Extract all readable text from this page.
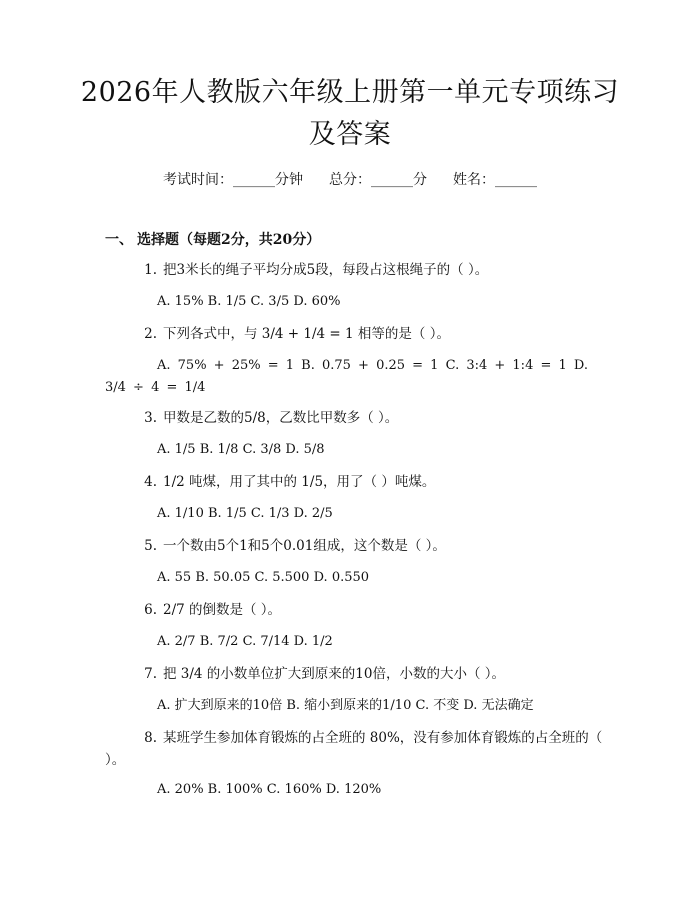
2026年人教版六年级上册第一单元专项练习
及答案
考试时间：______分钟 总分：______分 姓名：______
一、 选择题（每题2分，共20分）
1. 把3米长的绳子平均分成5段，每段占这根绳子的（ ）。
A. 15% B. 1/5 C. 3/5 D. 60%
2. 下列各式中，与 3/4 + 1/4 = 1 相等的是（ ）。
A. 75% + 25% = 1 B. 0.75 + 0.25 = 1 C. 3:4 + 1:4 = 1 D. 3/4 ÷ 4 = 1/4
3. 甲数是乙数的5/8，乙数比甲数多（ ）。
A. 1/5 B. 1/8 C. 3/8 D. 5/8
4. 1/2 吨煤，用了其中的 1/5，用了（ ）吨煤。
A. 1/10 B. 1/5 C. 1/3 D. 2/5
5. 一个数由5个1和5个0.01组成，这个数是（ ）。
A. 55 B. 50.05 C. 5.500 D. 0.550
6. 2/7 的倒数是（ ）。
A. 2/7 B. 7/2 C. 7/14 D. 1/2
7. 把 3/4 的小数单位扩大到原来的10倍，小数的大小（ ）。
A. 扩大到原来的10倍 B. 缩小到原来的1/10 C. 不变 D. 无法确定
8. 某班学生参加体育锻炼的占全班的 80%，没有参加体育锻炼的占全班的（ ）。
A. 20% B. 100% C. 160% D. 120%
